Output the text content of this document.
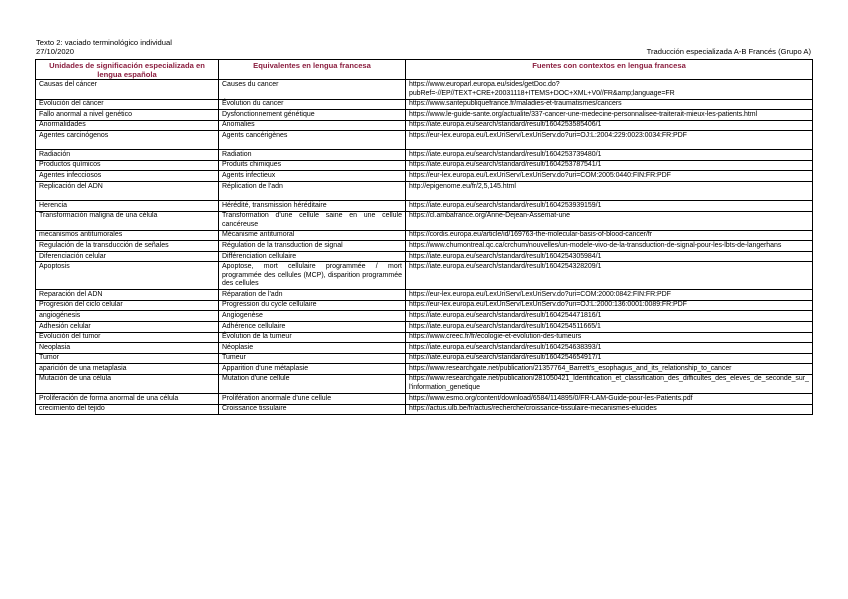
Texto 2: vaciado terminológico individual
27/10/2020	Traducción especializada A-B Francés (Grupo A)
Unidades de significación especializada en lengua española	Equivalentes en lengua francesa	Fuentes con contextos en lengua francesa
Causas del cáncer	Causes du cancer	https://www.europarl.europa.eu/sides/getDoc.do?pubRef=-//EP//TEXT+CRE+20031118+ITEMS+DOC+XML+V0//FR&amp;language=FR
Evolución del cáncer	Évolution du cancer	https://www.santepubliquefrance.fr/maladies-et-traumatismes/cancers
Fallo anormal a nivel genético	Dysfonctionnement génétique	https://www.le-guide-sante.org/actualite/337-cancer-une-medecine-personnalisee-traiterait-mieux-les-patients.html
Anormalidades	Anomalies	https://iate.europa.eu/search/standard/result/1604253585406/1
Agentes carcinógenos	Agents cancérigènes	https://eur-lex.europa.eu/LexUriServ/LexUriServ.do?uri=OJ:L:2004:229:0023:0034:FR:PDF
Radiación	Radiation	https://iate.europa.eu/search/standard/result/1604253739480/1
Productos químicos	Produits chimiques	https://iate.europa.eu/search/standard/result/1604253787541/1
Agentes infecciosos	Agents infectieux	https://eur-lex.europa.eu/LexUriServ/LexUriServ.do?uri=COM:2005:0440:FIN:FR:PDF
Replicación del ADN	Réplication de l'adn	http://epigenome.eu/fr/2,5,145.html
Herencia	Hérédité, transmission héréditaire	https://iate.europa.eu/search/standard/result/1604253939159/1
Transformación maligna de una célula	Transformation d'une cellule saine en une cellule cancéreuse	https://cl.ambafrance.org/Anne-Dejean-Assemat-une
mecanismos antitumorales	Mécanisme antitumoral	https://cordis.europa.eu/article/id/169763-the-molecular-basis-of-blood-cancer/fr
Regulación de la transducción de señales	Régulation de la transduction de signal	https://www.chumontreal.qc.ca/crchum/nouvelles/un-modele-vivo-de-la-transduction-de-signal-pour-les-lbts-de-langerhans
Diferenciación celular	Différenciation cellulaire	https://iate.europa.eu/search/standard/result/1604254305984/1
Apoptosis	Apoptose, mort cellulaire programmée / mort programmée des cellules (MCP), disparition programmée des cellules	https://iate.europa.eu/search/standard/result/1604254328209/1
Reparación del ADN	Réparation de l'adn	https://eur-lex.europa.eu/LexUriServ/LexUriServ.do?uri=COM:2000:0842:FIN:FR:PDF
Progresión del ciclo celular	Progression du cycle cellulaire	https://eur-lex.europa.eu/LexUriServ/LexUriServ.do?uri=OJ:L:2000:136:0001:0089:FR:PDF
angiogénesis	Angiogenèse	https://iate.europa.eu/search/standard/result/1604254471816/1
Adhesión celular	Adhérence cellulaire	https://iate.europa.eu/search/standard/result/1604254511665/1
Evolución del tumor	Évolution de la tumeur	https://www.creec.fr/fr/ecologie-et-evolution-des-tumeurs
Neoplasia	Néoplasie	https://iate.europa.eu/search/standard/result/1604254638393/1
Tumor	Tumeur	https://iate.europa.eu/search/standard/result/1604254654917/1
aparición de una metaplasia	Apparition d'une métaplasie	https://www.researchgate.net/publication/21357764_Barrett's_esophagus_and_its_relationship_to_cancer
Mutación de una célula	Mutation d'une cellule	https://www.researchgate.net/publication/281050421_Identification_et_classification_des_difficultes_des_eleves_de_seconde_sur_l'information_genetique
Proliferación de forma anormal de una célula	Prolifération anormale d'une cellule	https://www.esmo.org/content/download/6584/114895/0/FR-LAM-Guide-pour-les-Patients.pdf
crecimiento del tejido	Croissance tissulaire	https://actus.ulb.be/fr/actus/recherche/croissance-tissulaire-mecanismes-elucides
